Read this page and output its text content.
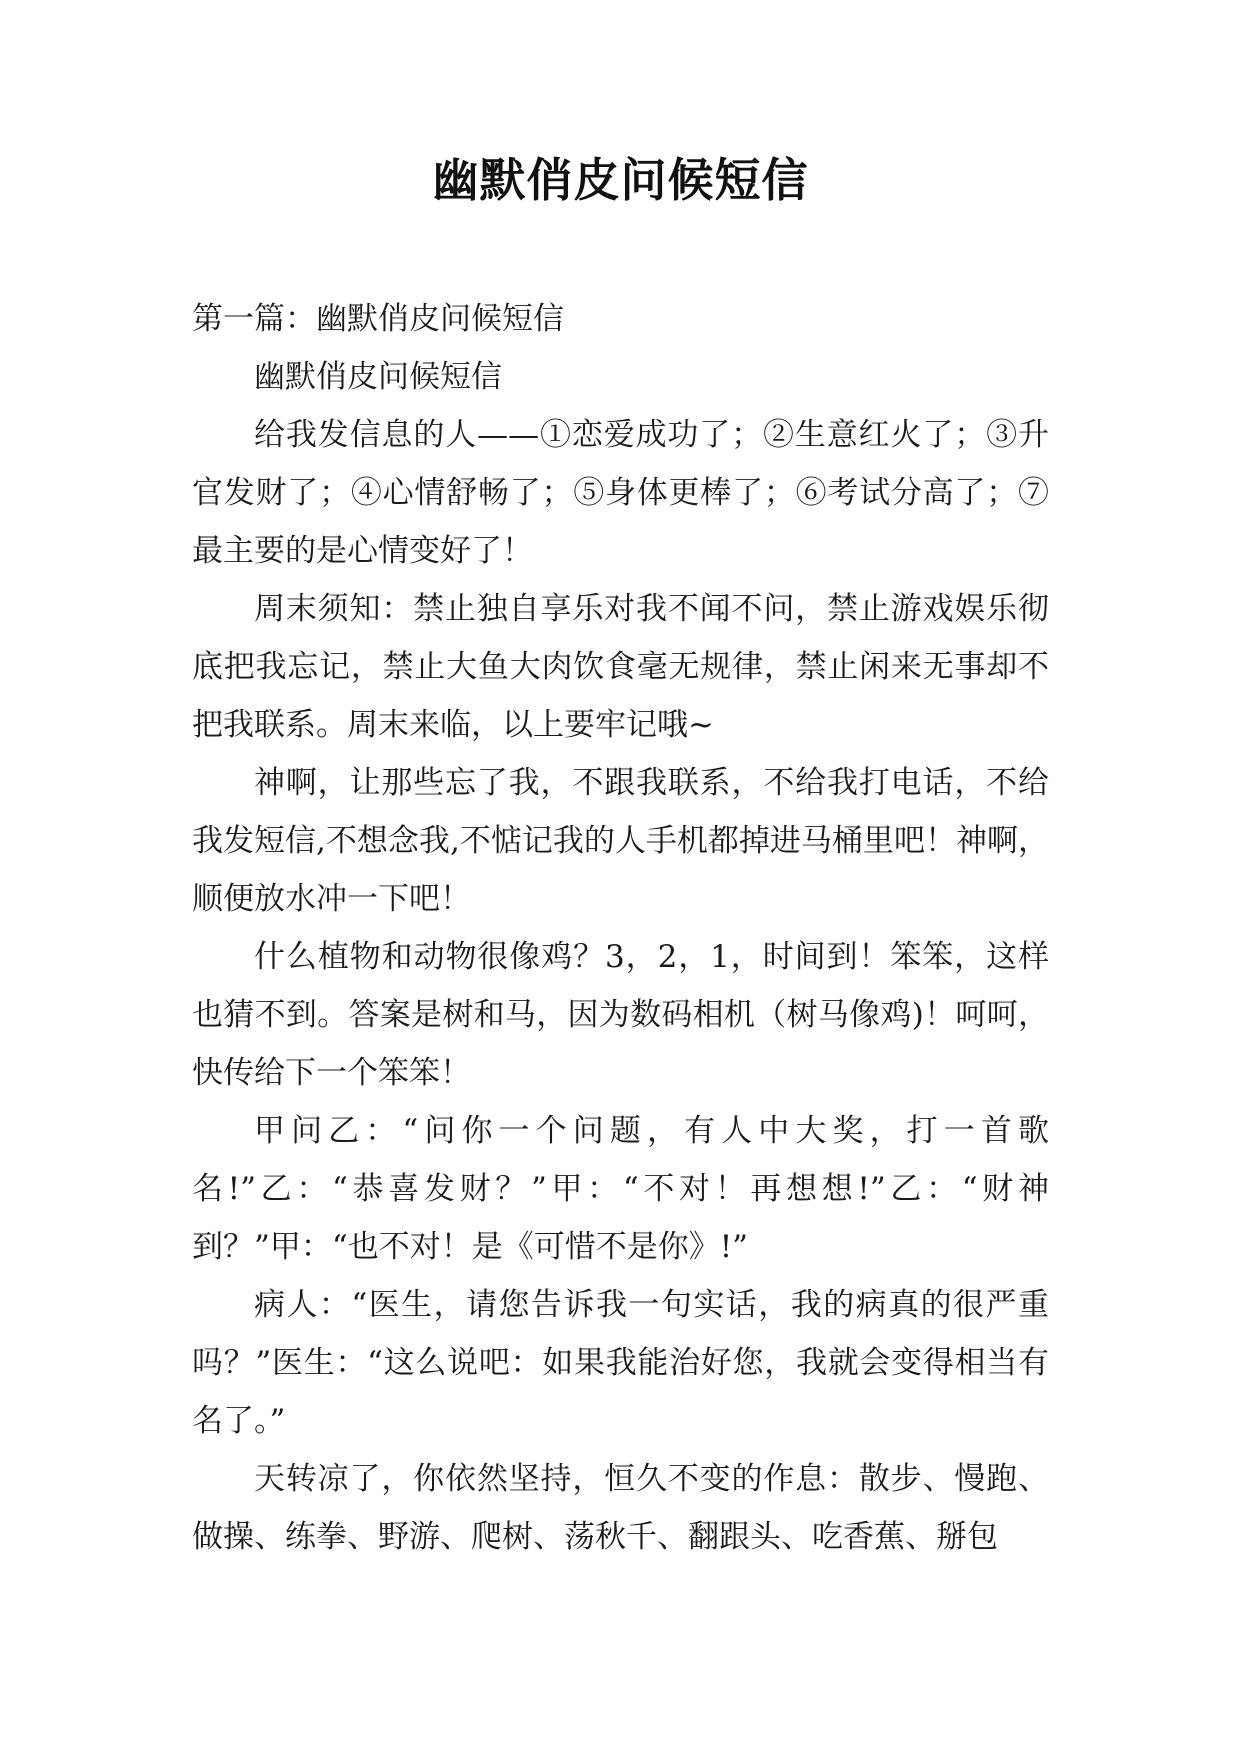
幽默俏皮问候短信

第一篇：幽默俏皮问候短信

幽默俏皮问候短信

给我发信息的人——①恋爱成功了；②生意红火了；③升官发财了；④心情舒畅了；⑤身体更棒了；⑥考试分高了；⑦最主要的是心情变好了！

周末须知：禁止独自享乐对我不闻不问，禁止游戏娱乐彻底把我忘记，禁止大鱼大肉饮食毫无规律，禁止闲来无事却不把我联系。周末来临，以上要牢记哦~

神啊，让那些忘了我，不跟我联系，不给我打电话，不给我发短信,不想念我,不惦记我的人手机都掉进马桶里吧！神啊，顺便放水冲一下吧！

什么植物和动物很像鸡？3，2，1，时间到！笨笨，这样也猜不到。答案是树和马，因为数码相机（树马像鸡)！呵呵，快传给下一个笨笨！

甲问乙：“问你一个问题，有人中大奖，打一首歌名!”乙：“恭喜发财？”甲：“不对！再想想!”乙：“财神到？”甲：“也不对！是《可惜不是你》!”

病人：“医生，请您告诉我一句实话，我的病真的很严重吗？”医生：“这么说吧：如果我能治好您，我就会变得相当有名了。”

天转凉了，你依然坚持，恒久不变的作息：散步、慢跑、做操、练拳、野游、爬树、荡秋千、翻跟头、吃香蕉、掰包
